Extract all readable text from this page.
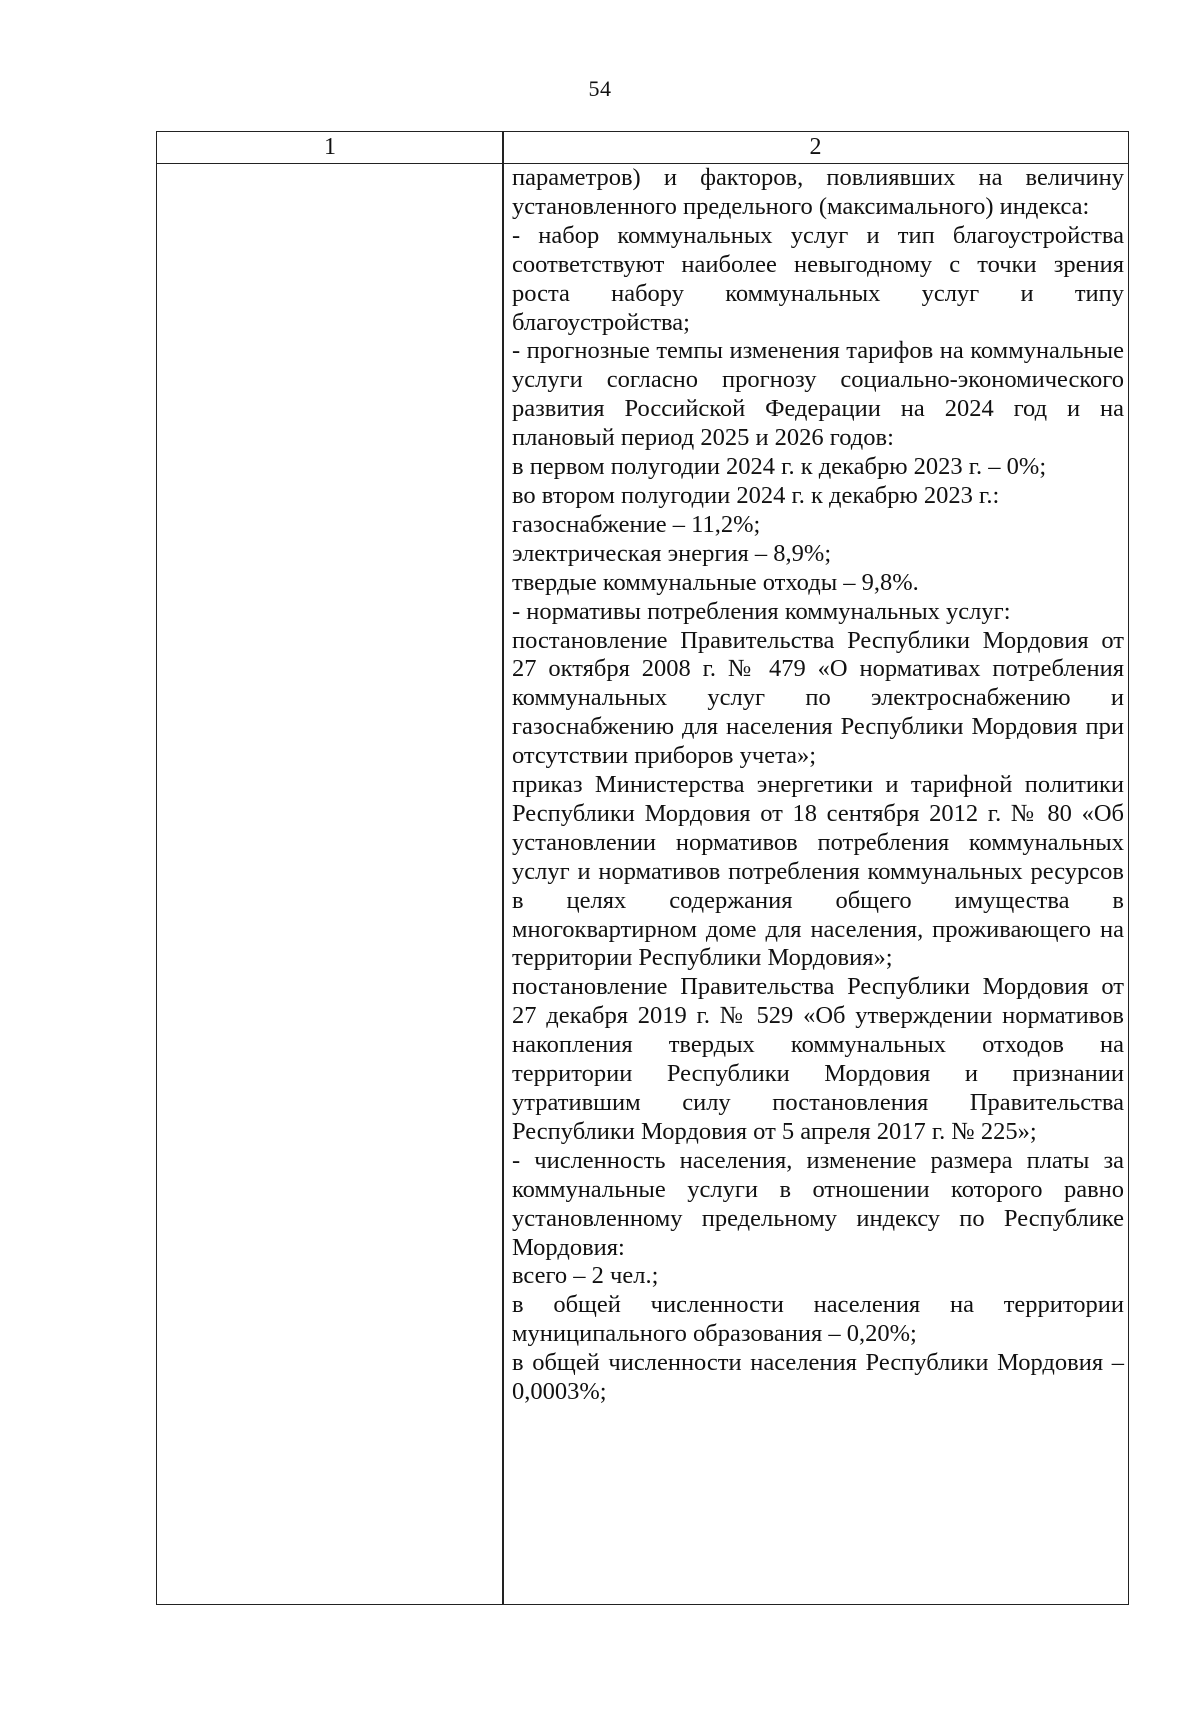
54
1	2

параметров) и факторов, повлиявших на величину установленного предельного (максимального) индекса:

- набор коммунальных услуг и тип благоустройства соответствуют наиболее невыгодному с точки зрения роста набору коммунальных услуг и типу благоустройства;

- прогнозные темпы изменения тарифов на коммунальные услуги согласно прогнозу социально-экономического развития Российской Федерации на 2024 год и на плановый период 2025 и 2026 годов:

в первом полугодии 2024 г. к декабрю 2023 г. – 0%;

во втором полугодии 2024 г. к декабрю 2023 г.:

газоснабжение – 11,2%;

электрическая энергия – 8,9%;

твердые коммунальные отходы – 9,8%.

- нормативы потребления коммунальных услуг:

постановление Правительства Республики Мордовия от 27 октября 2008 г. № 479 «О нормативах потребления коммунальных услуг по электроснабжению и газоснабжению для населения Республики Мордовия при отсутствии приборов учета»;

приказ Министерства энергетики и тарифной политики Республики Мордовия от 18 сентября 2012 г. № 80 «Об установлении нормативов потребления коммунальных услуг и нормативов потребления коммунальных ресурсов в целях содержания общего имущества в многоквартирном доме для населения, проживающего на территории Республики Мордовия»;

постановление Правительства Республики Мордовия от 27 декабря 2019 г. № 529 «Об утверждении нормативов накопления твердых коммунальных отходов на территории Республики Мордовия и признании утратившим силу постановления Правительства Республики Мордовия от 5 апреля 2017 г. № 225»;

- численность населения, изменение размера платы за коммунальные услуги в отношении которого равно установленному предельному индексу по Республике Мордовия:

всего – 2 чел.;

в общей численности населения на территории муниципального образования – 0,20%;

в общей численности населения Республики Мордовия – 0,0003%;
